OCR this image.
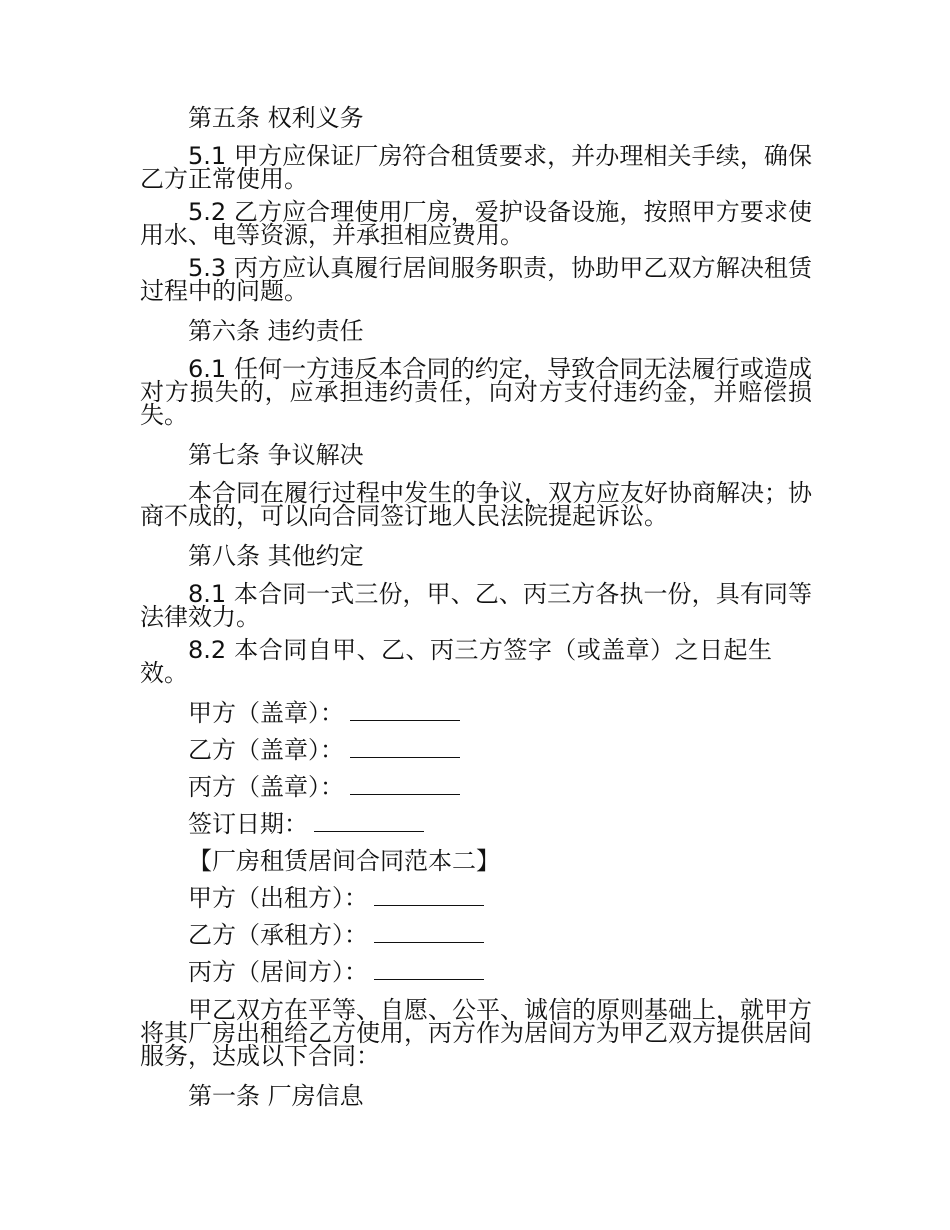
第五条 权利义务

5.1 甲方应保证厂房符合租赁要求，并办理相关手续，确保乙方正常使用。

5.2 乙方应合理使用厂房，爱护设备设施，按照甲方要求使用水、电等资源，并承担相应费用。

5.3 丙方应认真履行居间服务职责，协助甲乙双方解决租赁过程中的问题。

第六条 违约责任

6.1 任何一方违反本合同的约定，导致合同无法履行或造成对方损失的，应承担违约责任，向对方支付违约金，并赔偿损失。

第七条 争议解决

本合同在履行过程中发生的争议，双方应友好协商解决；协商不成的，可以向合同签订地人民法院提起诉讼。

第八条 其他约定

8.1 本合同一式三份，甲、乙、丙三方各执一份，具有同等法律效力。

8.2 本合同自甲、乙、丙三方签字（或盖章）之日起生效。

甲方（盖章）：

乙方（盖章）：

丙方（盖章）：

签订日期：

【厂房租赁居间合同范本二】

甲方（出租方）：

乙方（承租方）：

丙方（居间方）：

甲乙双方在平等、自愿、公平、诚信的原则基础上，就甲方将其厂房出租给乙方使用，丙方作为居间方为甲乙双方提供居间服务，达成以下合同：

第一条 厂房信息
